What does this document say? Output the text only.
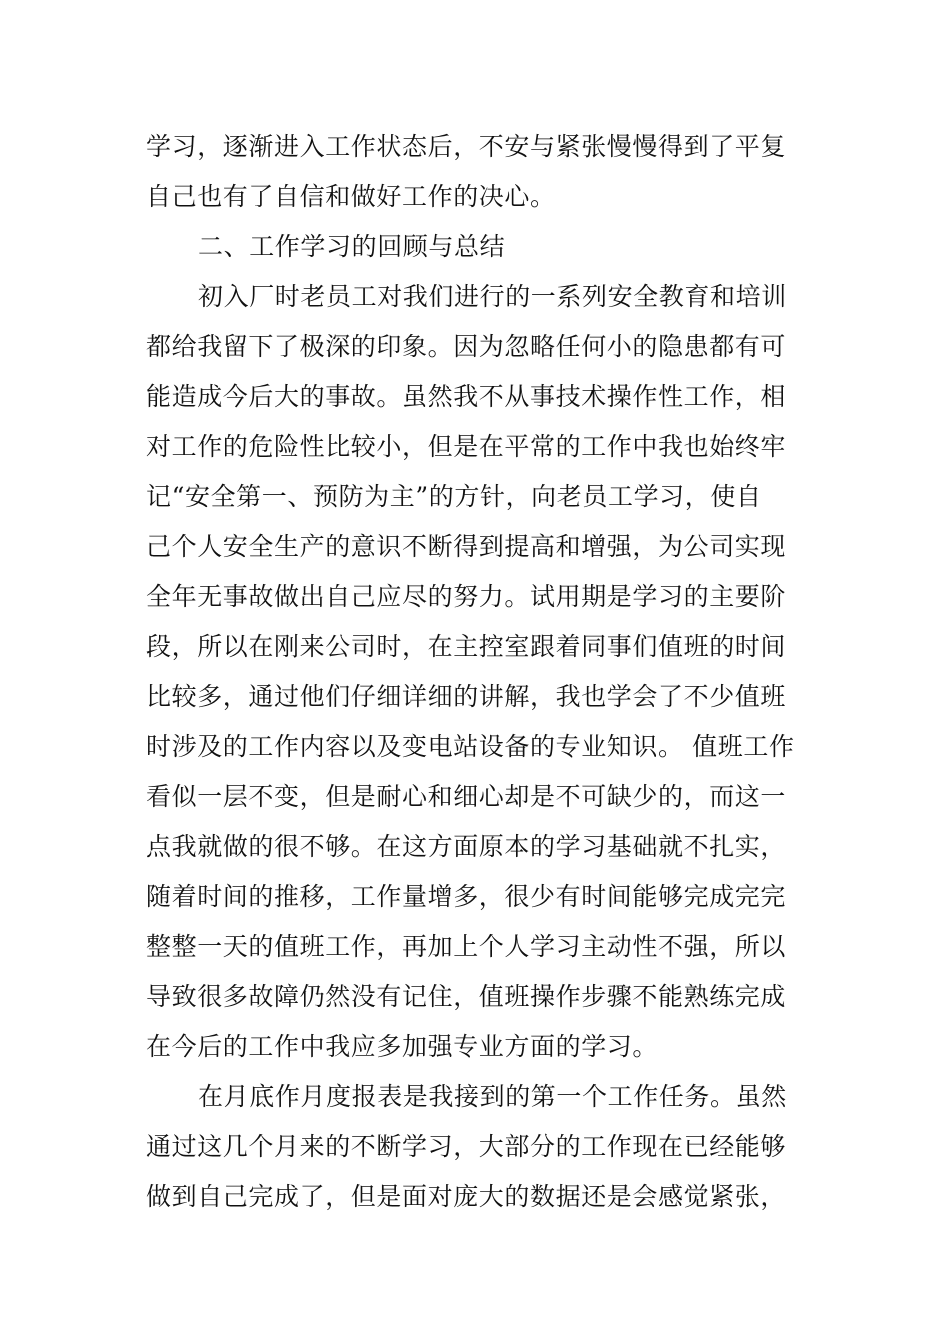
学习，逐渐进入工作状态后，不安与紧张慢慢得到了平复
自己也有了自信和做好工作的决心。
二、工作学习的回顾与总结
初入厂时老员工对我们进行的一系列安全教育和培训
都给我留下了极深的印象。因为忽略任何小的隐患都有可
能造成今后大的事故。虽然我不从事技术操作性工作，相
对工作的危险性比较小，但是在平常的工作中我也始终牢
记“安全第一、预防为主”的方针，向老员工学习，使自
己个人安全生产的意识不断得到提高和增强，为公司实现
全年无事故做出自己应尽的努力。试用期是学习的主要阶
段，所以在刚来公司时，在主控室跟着同事们值班的时间
比较多，通过他们仔细详细的讲解，我也学会了不少值班
时涉及的工作内容以及变电站设备的专业知识。 值班工作
看似一层不变，但是耐心和细心却是不可缺少的，而这一
点我就做的很不够。在这方面原本的学习基础就不扎实，
随着时间的推移，工作量增多，很少有时间能够完成完完
整整一天的值班工作，再加上个人学习主动性不强，所以
导致很多故障仍然没有记住，值班操作步骤不能熟练完成
在今后的工作中我应多加强专业方面的学习。
在月底作月度报表是我接到的第一个工作任务。虽然
通过这几个月来的不断学习，大部分的工作现在已经能够
做到自己完成了，但是面对庞大的数据还是会感觉紧张，
